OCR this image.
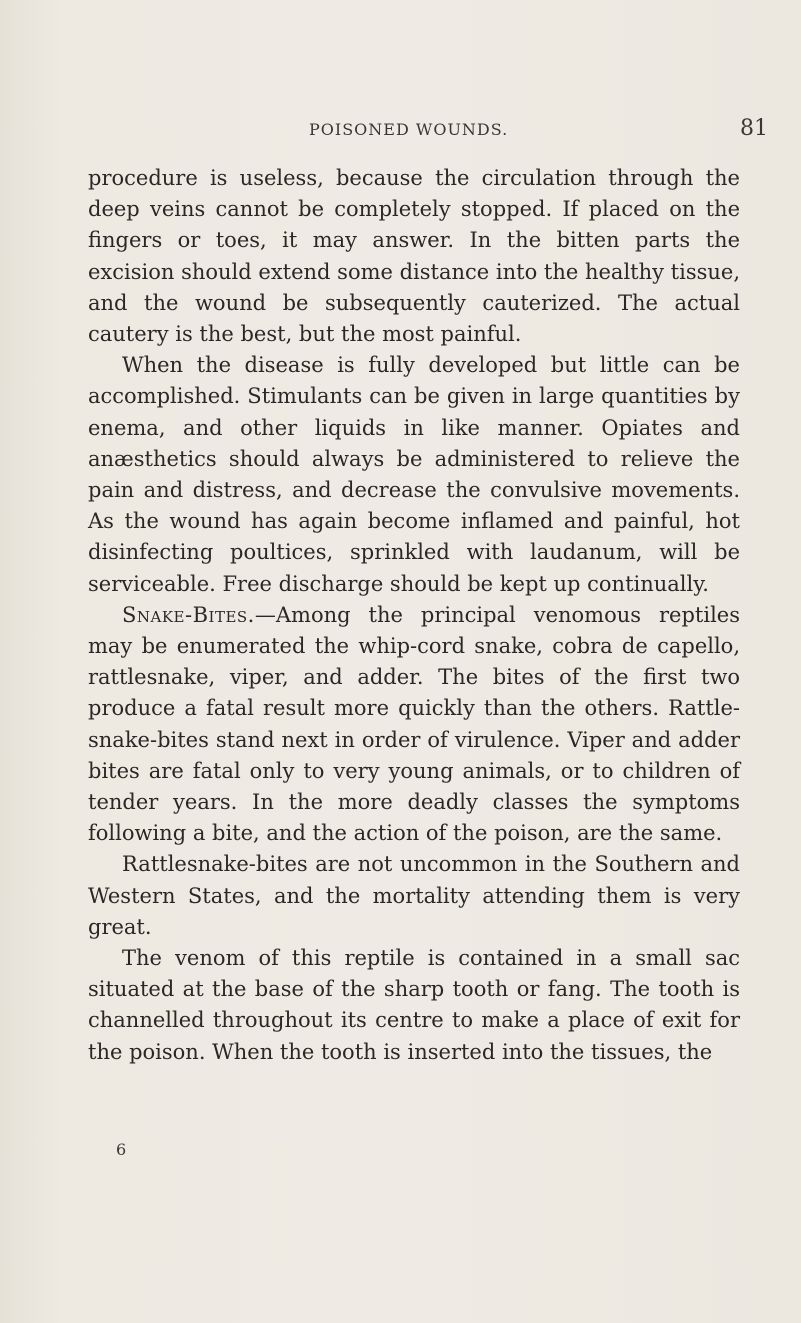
POISONED WOUNDS.	81

procedure is useless, because the circulation through the deep veins cannot be completely stopped. If placed on the fingers or toes, it may answer. In the bitten parts the excision should extend some distance into the healthy tissue, and the wound be subsequently cauterized. The actual cautery is the best, but the most painful.

When the disease is fully developed but little can be accomplished. Stimulants can be given in large quantities by enema, and other liquids in like manner. Opiates and anæsthetics should always be administered to relieve the pain and distress, and decrease the convulsive movements. As the wound has again become inflamed and painful, hot disinfecting poultices, sprinkled with laudanum, will be serviceable. Free discharge should be kept up continually.

Snake-Bites.—Among the principal venomous reptiles may be enumerated the whip-cord snake, cobra de capello, rattlesnake, viper, and adder. The bites of the first two produce a fatal result more quickly than the others. Rattle-snake-bites stand next in order of virulence. Viper and adder bites are fatal only to very young animals, or to children of tender years. In the more deadly classes the symptoms following a bite, and the action of the poison, are the same.

Rattlesnake-bites are not uncommon in the Southern and Western States, and the mortality attending them is very great.

The venom of this reptile is contained in a small sac situated at the base of the sharp tooth or fang. The tooth is channelled throughout its centre to make a place of exit for the poison. When the tooth is inserted into the tissues, the

6
